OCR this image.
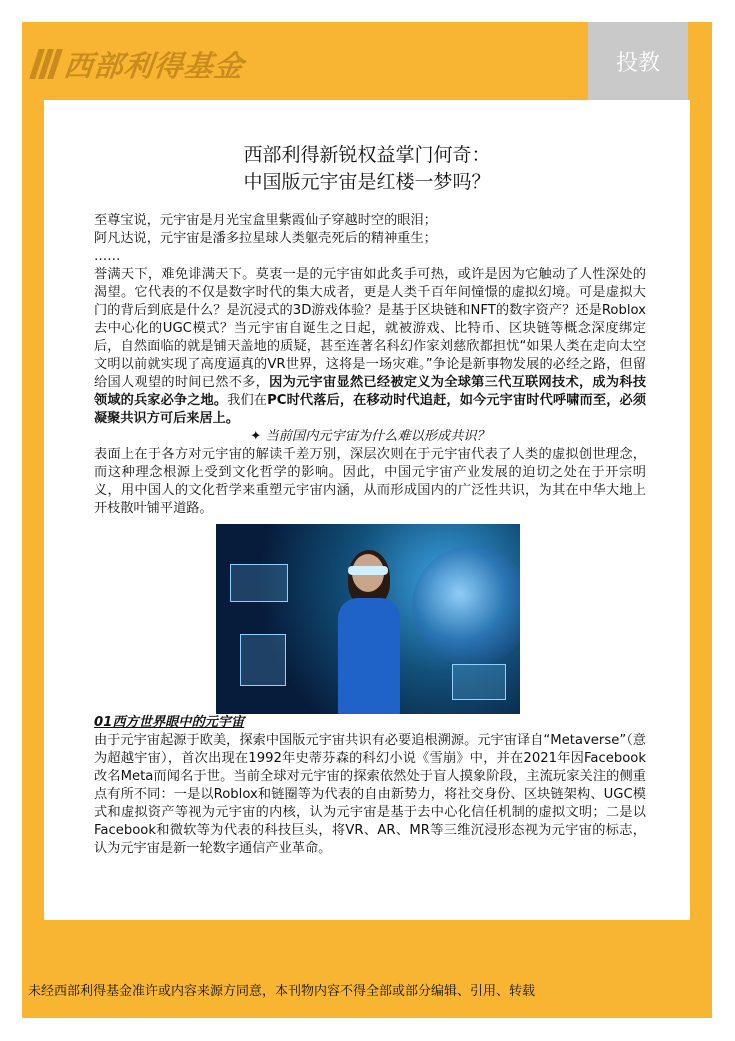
西部利得基金	投教
西部利得新锐权益掌门何奇：
中国版元宇宙是红楼一梦吗？

至尊宝说，元宇宙是月光宝盒里紫霞仙子穿越时空的眼泪；

阿凡达说，元宇宙是潘多拉星球人类躯壳死后的精神重生；

……

誉满天下，难免诽满天下。莫衷一是的元宇宙如此炙手可热，或许是因为它触动了人性深处的渴望。它代表的不仅是数字时代的集大成者，更是人类千百年间憧憬的虚拟幻境。可是虚拟大门的背后到底是什么？是沉浸式的3D游戏体验？是基于区块链和NFT的数字资产？还是Roblox去中心化的UGC模式？当元宇宙自诞生之日起，就被游戏、比特币、区块链等概念深度绑定后，自然面临的就是铺天盖地的质疑，甚至连著名科幻作家刘慈欣都担忧“如果人类在走向太空文明以前就实现了高度逼真的VR世界，这将是一场灾难。”争论是新事物发展的必经之路，但留给国人观望的时间已然不多，因为元宇宙显然已经被定义为全球第三代互联网技术，成为科技领域的兵家必争之地。我们在PC时代落后，在移动时代追赶，如今元宇宙时代呼啸而至，必须凝聚共识方可后来居上。

✦ 当前国内元宇宙为什么难以形成共识？

表面上在于各方对元宇宙的解读千差万别，深层次则在于元宇宙代表了人类的虚拟创世理念，而这种理念根源上受到文化哲学的影响。因此，中国元宇宙产业发展的迫切之处在于开宗明义，用中国人的文化哲学来重塑元宇宙内涵，从而形成国内的广泛性共识，为其在中华大地上开枝散叶铺平道路。

01西方世界眼中的元宇宙

由于元宇宙起源于欧美，探索中国版元宇宙共识有必要追根溯源。元宇宙译自“Metaverse”（意为超越宇宙），首次出现在1992年史蒂芬森的科幻小说《雪崩》中，并在2021年因Facebook改名Meta而闻名于世。当前全球对元宇宙的探索依然处于盲人摸象阶段，主流玩家关注的侧重点有所不同：一是以Roblox和链圈等为代表的自由新势力，将社交身份、区块链架构、UGC模式和虚拟资产等视为元宇宙的内核，认为元宇宙是基于去中心化信任机制的虚拟文明；二是以Facebook和微软等为代表的科技巨头，将VR、AR、MR等三维沉浸形态视为元宇宙的标志，认为元宇宙是新一轮数字通信产业革命。

未经西部利得基金准许或内容来源方同意，本刊物内容不得全部或部分编辑、引用、转载
